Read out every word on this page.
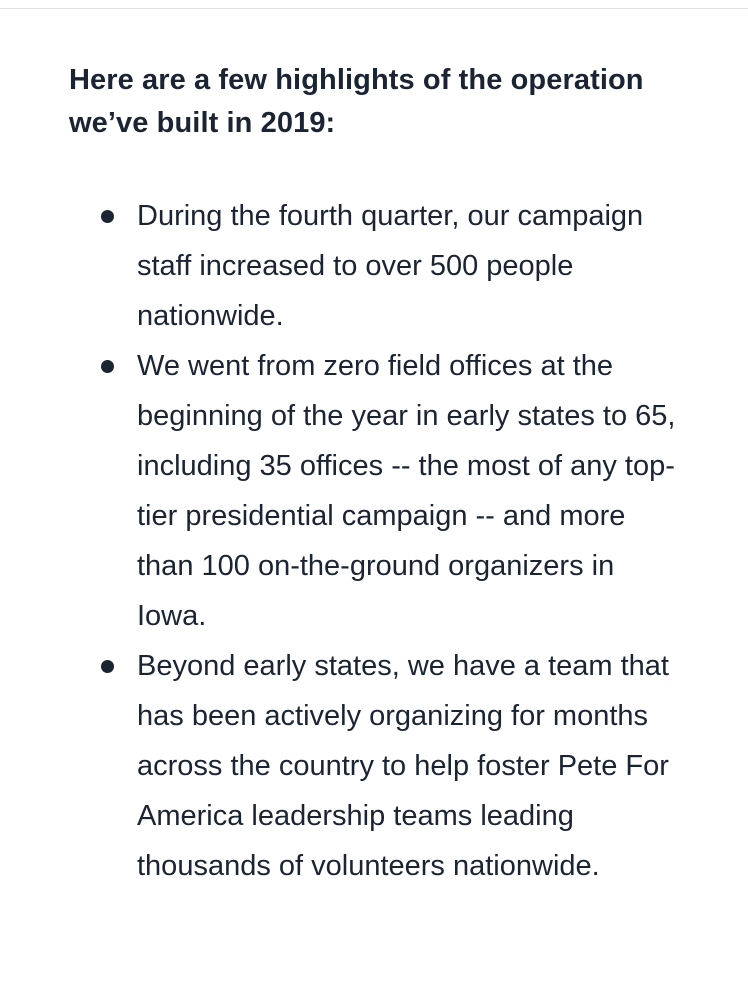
Here are a few highlights of the operation we’ve built in 2019:
During the fourth quarter, our campaign staff increased to over 500 people nationwide.
We went from zero field offices at the beginning of the year in early states to 65, including 35 offices -- the most of any top-tier presidential campaign -- and more than 100 on-the-ground organizers in Iowa.
Beyond early states, we have a team that has been actively organizing for months across the country to help foster Pete For America leadership teams leading thousands of volunteers nationwide.
